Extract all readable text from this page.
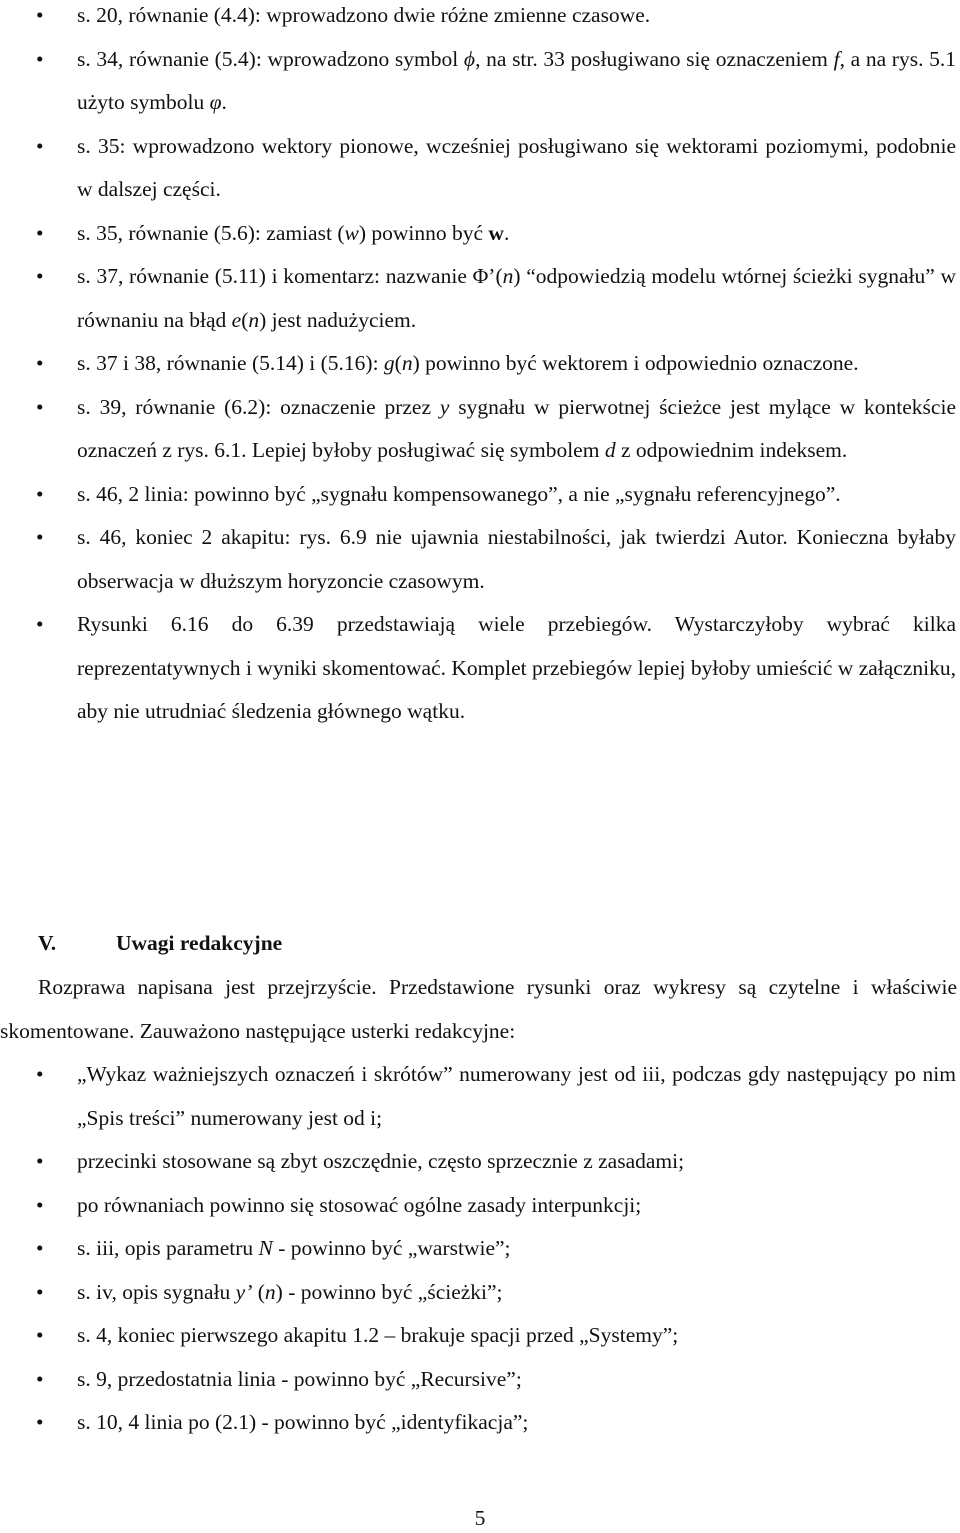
• s. 20, równanie (4.4): wprowadzono dwie różne zmienne czasowe.
• s. 34, równanie (5.4): wprowadzono symbol ϕ, na str. 33 posługiwano się oznaczeniem f, a na rys. 5.1 użyto symbolu φ.
• s. 35: wprowadzono wektory pionowe, wcześniej posługiwano się wektorami poziomymi, podobnie w dalszej części.
• s. 35, równanie (5.6): zamiast (w) powinno być w.
• s. 37, równanie (5.11) i komentarz: nazwanie Φ’(n) “odpowiedzią modelu wtórnej ścieżki sygnału” w równaniu na błąd e(n) jest nadużyciem.
• s. 37 i 38, równanie (5.14) i (5.16): g(n) powinno być wektorem i odpowiednio oznaczone.
• s. 39, równanie (6.2): oznaczenie przez y sygnału w pierwotnej ścieżce jest mylące w kontekście oznaczeń z rys. 6.1. Lepiej byłoby posługiwać się symbolem d z odpowiednim indeksem.
• s. 46, 2 linia: powinno być „sygnału kompensowanego”, a nie „sygnału referencyjnego”.
• s. 46, koniec 2 akapitu: rys. 6.9 nie ujawnia niestabilności, jak twierdzi Autor. Konieczna byłaby obserwacja w dłuższym horyzoncie czasowym.
• Rysunki 6.16 do 6.39 przedstawiają wiele przebiegów. Wystarczyłoby wybrać kilka reprezentatywnych i wyniki skomentować. Komplet przebiegów lepiej byłoby umieścić w załączniku, aby nie utrudniać śledzenia głównego wątku.
V.	Uwagi redakcyjne
Rozprawa napisana jest przejrzyście. Przedstawione rysunki oraz wykresy są czytelne i właściwie skomentowane. Zauważono następujące usterki redakcyjne:
• „Wykaz ważniejszych oznaczeń i skrótów” numerowany jest od iii, podczas gdy następujący po nim „Spis treści” numerowany jest od i;
• przecinki stosowane są zbyt oszczędnie, często sprzecznie z zasadami;
• po równaniach powinno się stosować ogólne zasady interpunkcji;
• s. iii, opis parametru N - powinno być „warstwie”;
• s. iv, opis sygnału y’ (n) - powinno być „ścieżki”;
• s. 4, koniec pierwszego akapitu 1.2 – brakuje spacji przed „Systemy”;
• s. 9, przedostatnia linia - powinno być „Recursive”;
• s. 10, 4 linia po (2.1) - powinno być „identyfikacja”;
5
